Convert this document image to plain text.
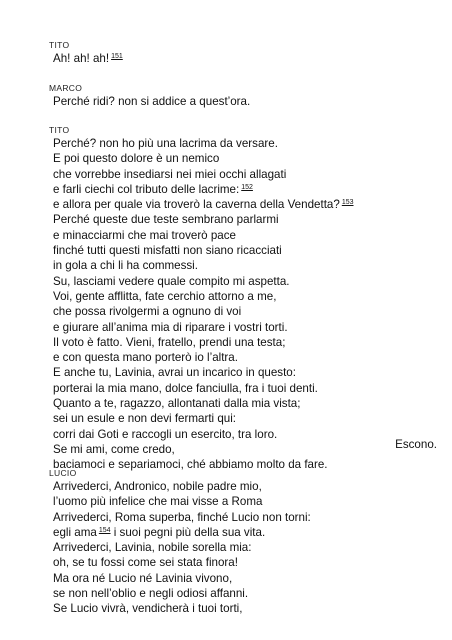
TITO
Ah! ah! ah! $^{151}$
MARCO
Perché ridi? non si addice a quest’ora.
TITO
Perché? non ho più una lacrima da versare.
E poi questo dolore è un nemico
che vorrebbe insediarsi nei miei occhi allagati
e farli ciechi col tributo delle lacrime: $^{152}$
e allora per quale via troverò la caverna della Vendetta? $^{153}$
Perché queste due teste sembrano parlarmi
e minacciarmi che mai troverò pace
finché tutti questi misfatti non siano ricacciati
in gola a chi li ha commessi.
Su, lasciami vedere quale compito mi aspetta.
Voi, gente afflitta, fate cerchio attorno a me,
che possa rivolgermi a ognuno di voi
e giurare all’anima mia di riparare i vostri torti.
Il voto è fatto. Vieni, fratello, prendi una testa;
e con questa mano porterò io l’altra.
E anche tu, Lavinia, avrai un incarico in questo:
porterai la mia mano, dolce fanciulla, fra i tuoi denti.
Quanto a te, ragazzo, allontanati dalla mia vista;
sei un esule e non devi fermarti qui:
corri dai Goti e raccogli un esercito, tra loro.
Se mi ami, come credo,
baciamoci e separiamoci, ché abbiamo molto da fare.
Escono.
LUCIO
Arrivederci, Andronico, nobile padre mio,
l’uomo più infelice che mai visse a Roma
Arrivederci, Roma superba, finché Lucio non torni:
egli ama $^{154}$ i suoi pegni più della sua vita.
Arrivederci, Lavinia, nobile sorella mia:
oh, se tu fossi come sei stata finora!
Ma ora né Lucio né Lavinia vivono,
se non nell’oblio e negli odiosi affanni.
Se Lucio vivrà, vendicherà i tuoi torti,
